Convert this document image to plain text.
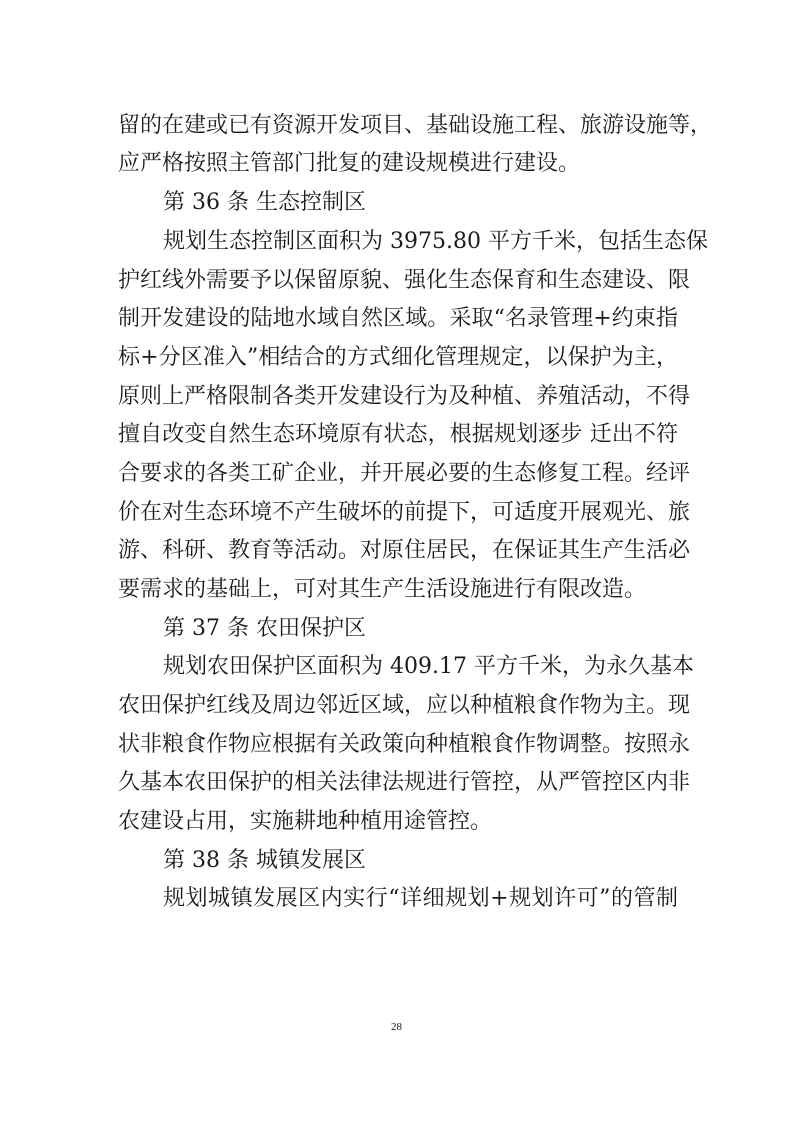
留的在建或已有资源开发项目、基础设施工程、旅游设施等，
应严格按照主管部门批复的建设规模进行建设。
第 36 条 生态控制区
规划生态控制区面积为 3975.80 平方千米，包括生态保
护红线外需要予以保留原貌、强化生态保育和生态建设、限
制开发建设的陆地水域自然区域。采取“名录管理+约束指
标+分区准入”相结合的方式细化管理规定，以保护为主，
原则上严格限制各类开发建设行为及种植、养殖活动，不得
擅自改变自然生态环境原有状态，根据规划逐步 迁出不符
合要求的各类工矿企业，并开展必要的生态修复工程。经评
价在对生态环境不产生破坏的前提下，可适度开展观光、旅
游、科研、教育等活动。对原住居民，在保证其生产生活必
要需求的基础上，可对其生产生活设施进行有限改造。
第 37 条 农田保护区
规划农田保护区面积为 409.17 平方千米，为永久基本
农田保护红线及周边邻近区域，应以种植粮食作物为主。现
状非粮食作物应根据有关政策向种植粮食作物调整。按照永
久基本农田保护的相关法律法规进行管控，从严管控区内非
农建设占用，实施耕地种植用途管控。
第 38 条 城镇发展区
规划城镇发展区内实行“详细规划+规划许可”的管制
28
